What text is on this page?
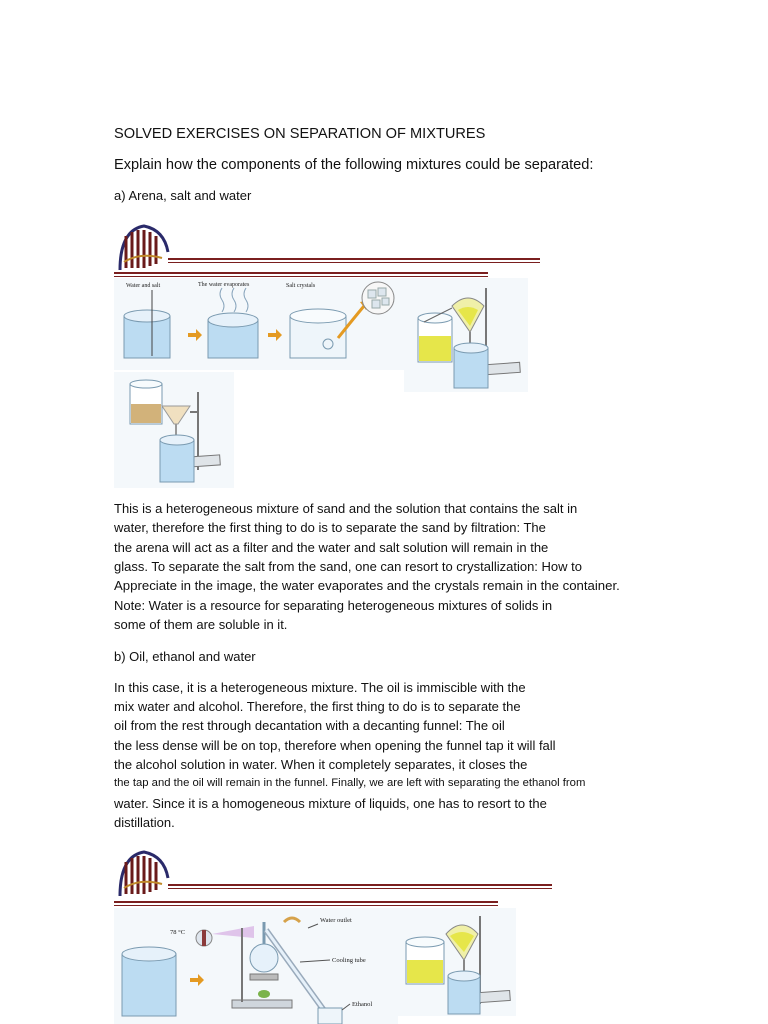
SOLVED EXERCISES ON SEPARATION OF MIXTURES
Explain how the components of the following mixtures could be separated:
a) Arena, salt and water
Water and salt	The water evaporates	Salt crystals
This is a heterogeneous mixture of sand and the solution that contains the salt in
water, therefore the first thing to do is to separate the sand by filtration: The
the arena will act as a filter and the water and salt solution will remain in the
glass. To separate the salt from the sand, one can resort to crystallization: How to
Appreciate in the image, the water evaporates and the crystals remain in the container.
Note: Water is a resource for separating heterogeneous mixtures of solids in
some of them are soluble in it.
b) Oil, ethanol and water
In this case, it is a heterogeneous mixture. The oil is immiscible with the
mix water and alcohol. Therefore, the first thing to do is to separate the
oil from the rest through decantation with a decanting funnel: The oil
the less dense will be on top, therefore when opening the funnel tap it will fall
the alcohol solution in water. When it completely separates, it closes the
the tap and the oil will remain in the funnel. Finally, we are left with separating the ethanol from
water. Since it is a homogeneous mixture of liquids, one has to resort to the
distillation.
78 °C
Water outlet
Cooling tube
Ethanol
